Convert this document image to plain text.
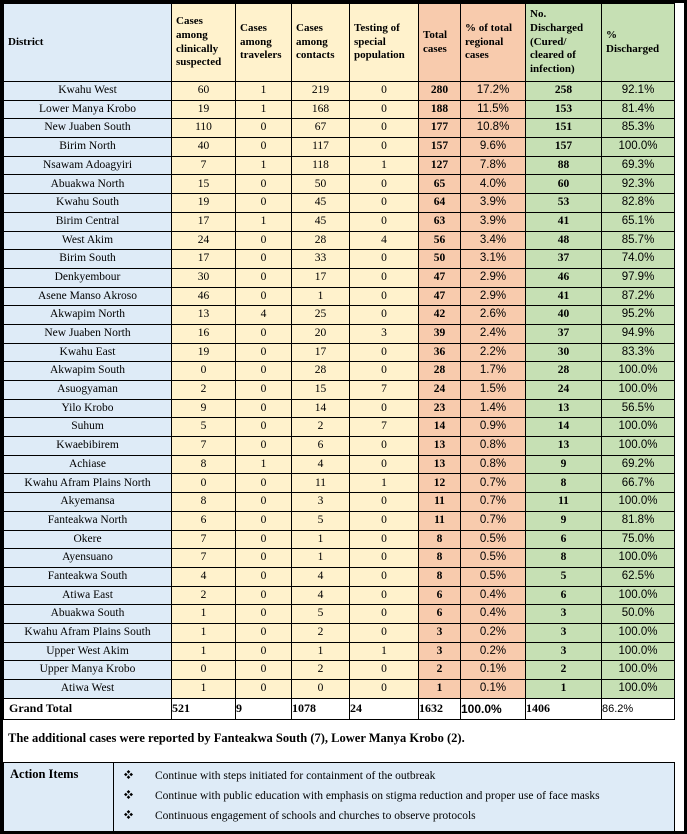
District	Cases among clinically suspected	Cases among travelers	Cases among contacts	Testing of special population	Total cases	% of total regional cases	No. Discharged (Cured/ cleared of infection)	% Discharged
Kwahu West	60	1	219	0	280	17.2%	258	92.1%
Lower Manya Krobo	19	1	168	0	188	11.5%	153	81.4%
New Juaben South	110	0	67	0	177	10.8%	151	85.3%
Birim North	40	0	117	0	157	9.6%	157	100.0%
Nsawam Adoagyiri	7	1	118	1	127	7.8%	88	69.3%
Abuakwa North	15	0	50	0	65	4.0%	60	92.3%
Kwahu South	19	0	45	0	64	3.9%	53	82.8%
Birim Central	17	1	45	0	63	3.9%	41	65.1%
West Akim	24	0	28	4	56	3.4%	48	85.7%
Birim South	17	0	33	0	50	3.1%	37	74.0%
Denkyembour	30	0	17	0	47	2.9%	46	97.9%
Asene Manso Akroso	46	0	1	0	47	2.9%	41	87.2%
Akwapim North	13	4	25	0	42	2.6%	40	95.2%
New Juaben North	16	0	20	3	39	2.4%	37	94.9%
Kwahu East	19	0	17	0	36	2.2%	30	83.3%
Akwapim South	0	0	28	0	28	1.7%	28	100.0%
Asuogyaman	2	0	15	7	24	1.5%	24	100.0%
Yilo Krobo	9	0	14	0	23	1.4%	13	56.5%
Suhum	5	0	2	7	14	0.9%	14	100.0%
Kwaebibirem	7	0	6	0	13	0.8%	13	100.0%
Achiase	8	1	4	0	13	0.8%	9	69.2%
Kwahu Afram Plains North	0	0	11	1	12	0.7%	8	66.7%
Akyemansa	8	0	3	0	11	0.7%	11	100.0%
Fanteakwa North	6	0	5	0	11	0.7%	9	81.8%
Okere	7	0	1	0	8	0.5%	6	75.0%
Ayensuano	7	0	1	0	8	0.5%	8	100.0%
Fanteakwa South	4	0	4	0	8	0.5%	5	62.5%
Atiwa East	2	0	4	0	6	0.4%	6	100.0%
Abuakwa South	1	0	5	0	6	0.4%	3	50.0%
Kwahu Afram Plains South	1	0	2	0	3	0.2%	3	100.0%
Upper West Akim	1	0	1	1	3	0.2%	3	100.0%
Upper Manya Krobo	0	0	2	0	2	0.1%	2	100.0%
Atiwa West	1	0	0	0	1	0.1%	1	100.0%
Grand Total	521	9	1078	24	1632	100.0%	1406	86.2%

The additional cases were reported by Fanteakwa South (7), Lower Manya Krobo (2).

Action Items	Continue with steps initiated for containment of the outbreak
Continue with public education with emphasis on stigma reduction and proper use of face masks
Continuous engagement of schools and churches to observe protocols
